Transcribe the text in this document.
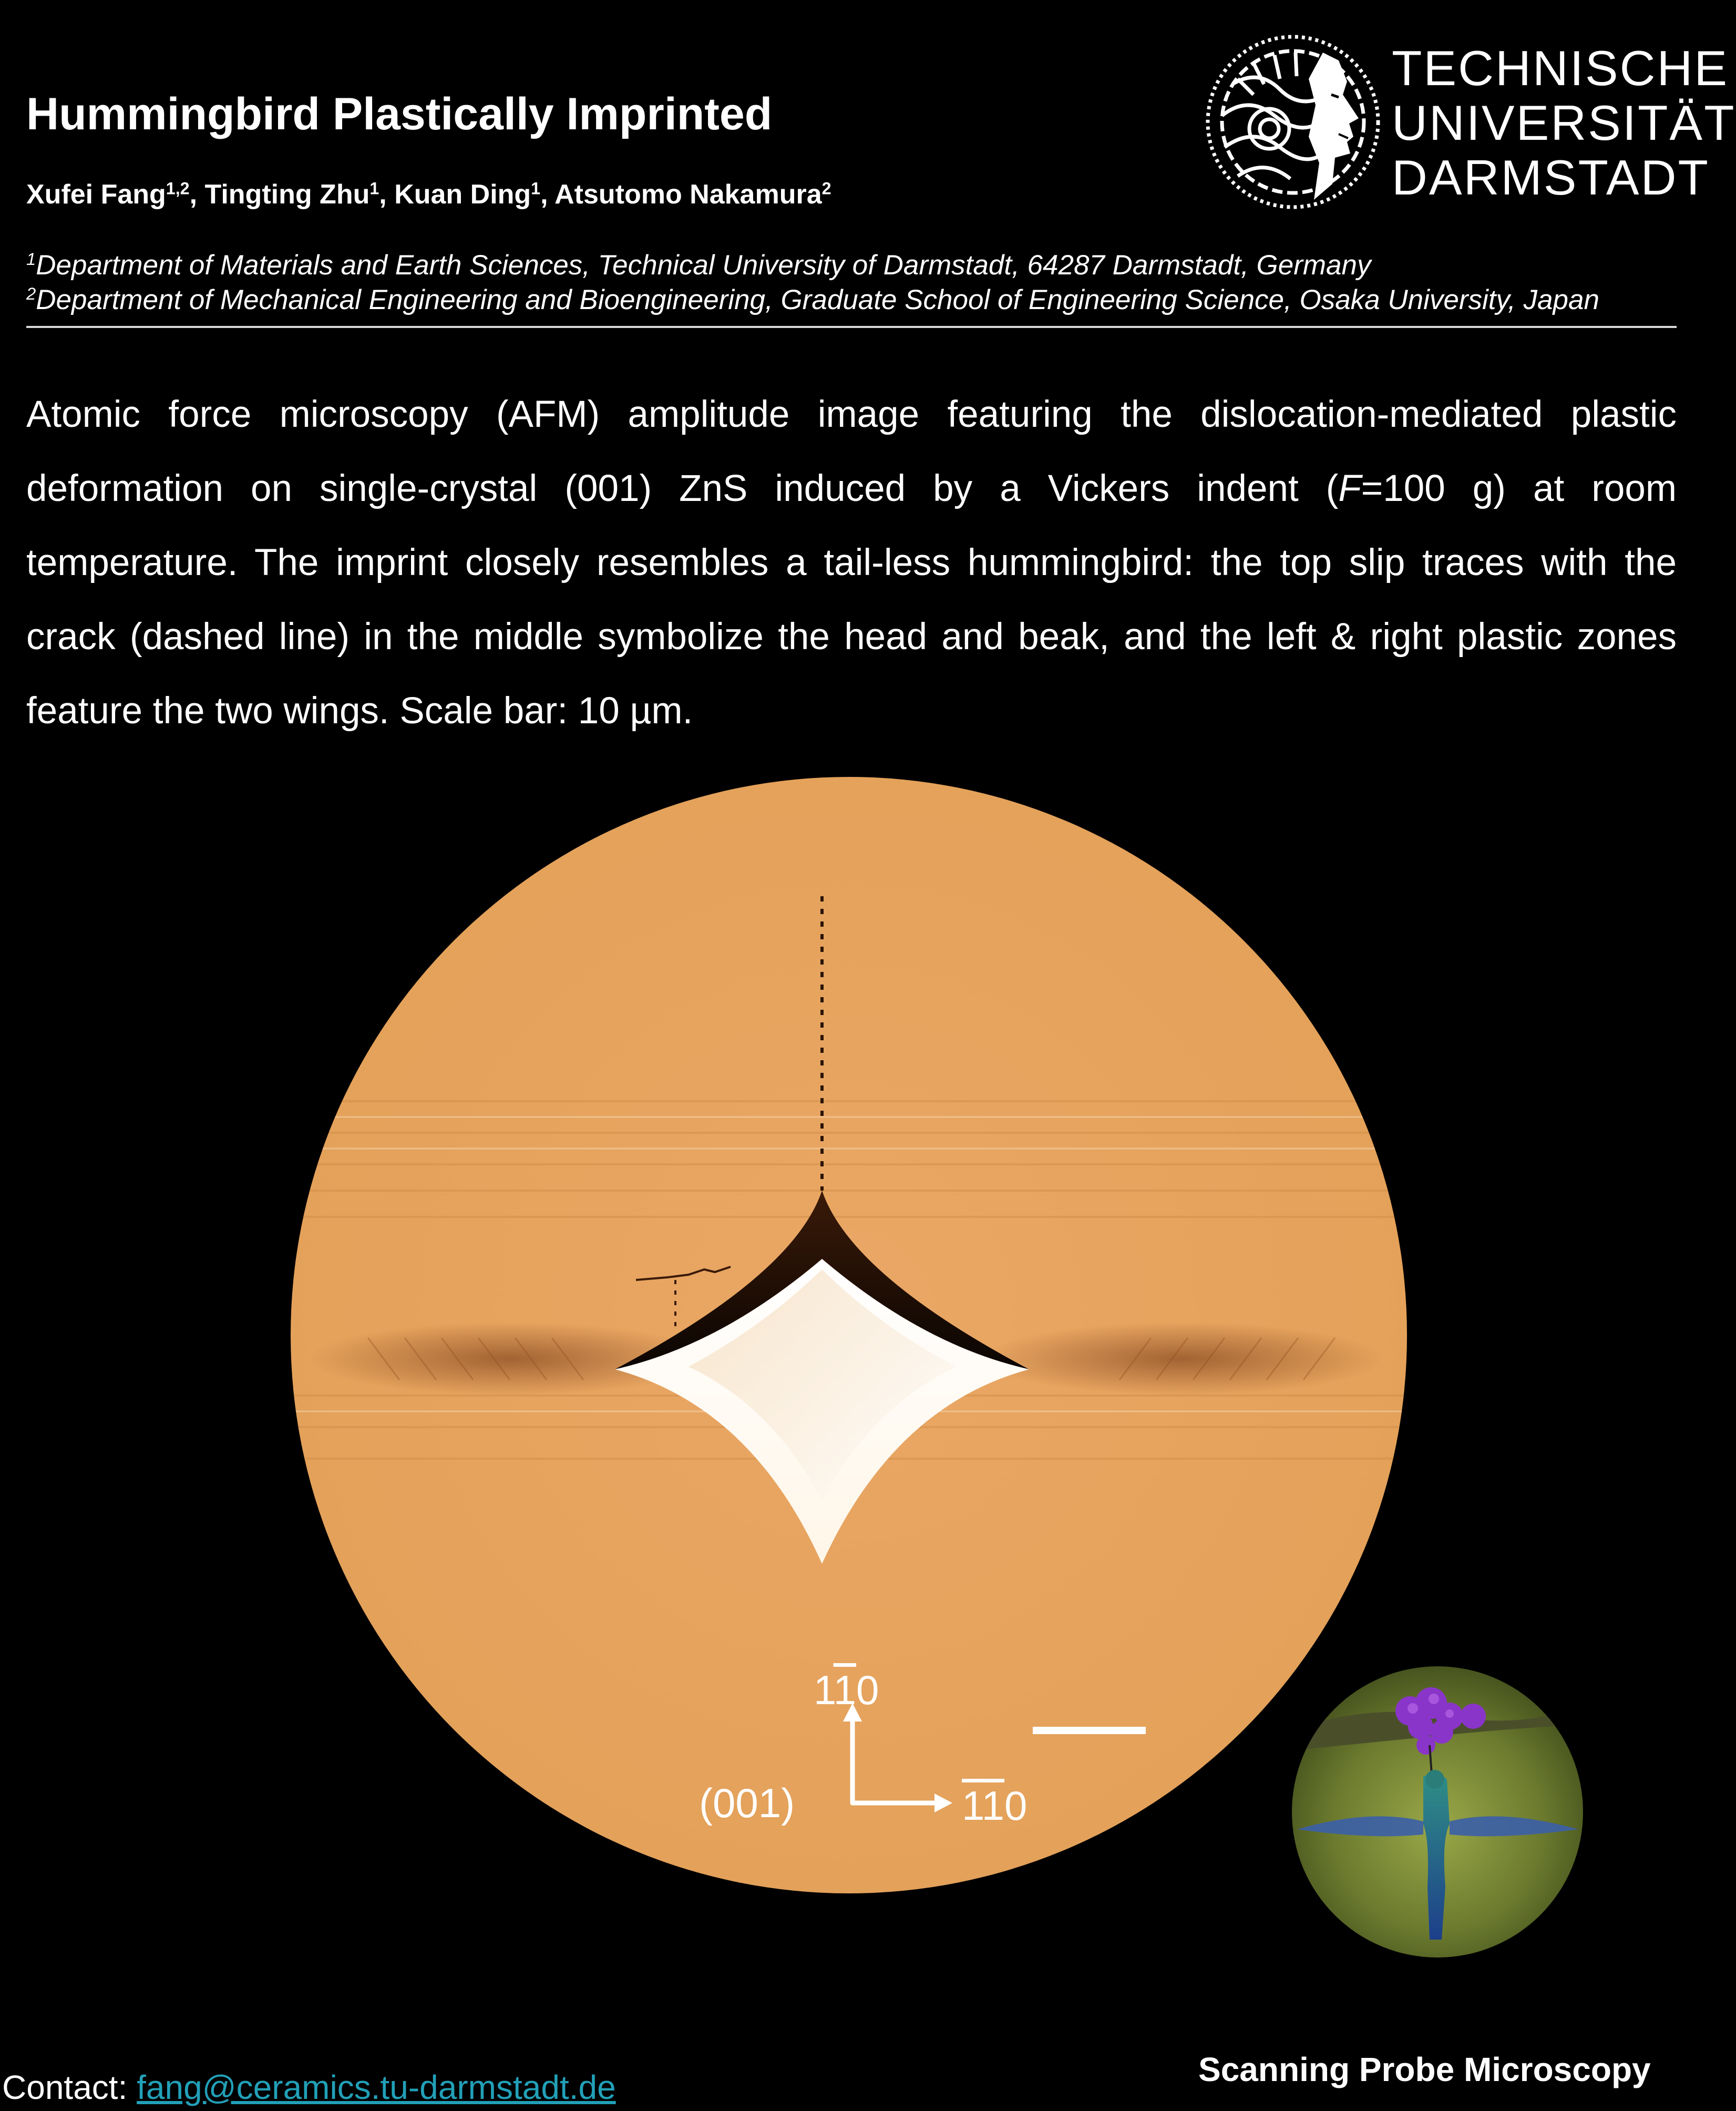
Hummingbird Plastically Imprinted
Xufei Fang$^{1,2}$, Tingting Zhu$^1$, Kuan Ding$^1$, Atsutomo Nakamura$^2$
$^1$Department of Materials and Earth Sciences, Technical University of Darmstadt, 64287 Darmstadt, Germany
$^2$Department of Mechanical Engineering and Bioengineering, Graduate School of Engineering Science, Osaka University, Japan
TECHNISCHE
UNIVERSITÄT
DARMSTADT
Atomic force microscopy (AFM) amplitude image featuring the dislocation-mediated plastic deformation on single-crystal (001) ZnS induced by a Vickers indent (F=100 g) at room temperature. The imprint closely resembles a tail-less hummingbird: the top slip traces with the crack (dashed line) in the middle symbolize the head and beak, and the left & right plastic zones feature the two wings. Scale bar: 10 µm.
110
110
(001)
Contact: fang@ceramics.tu-darmstadt.de	Scanning Probe Microscopy
